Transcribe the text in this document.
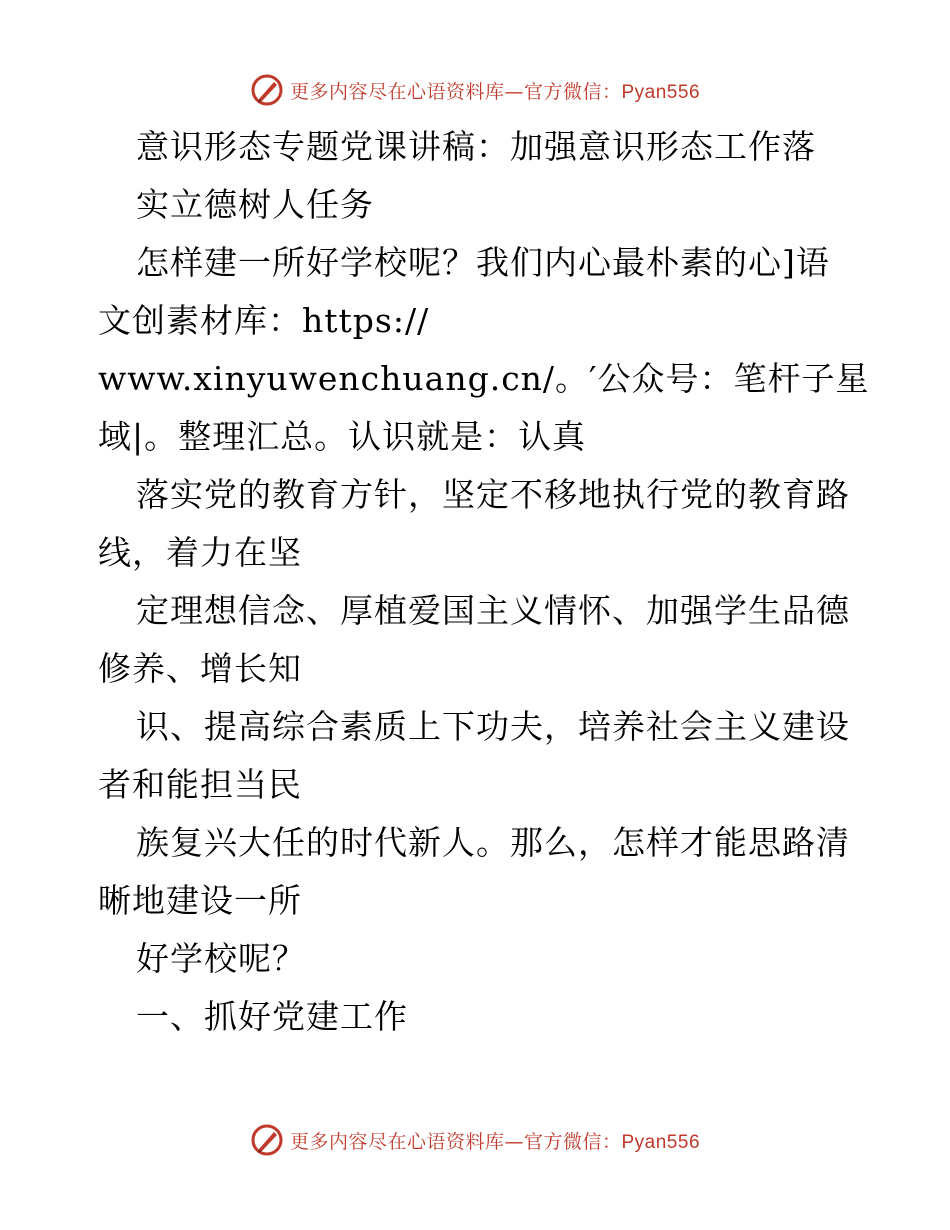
更多内容尽在心语资料库—官方微信：Pyan556
意识形态专题党课讲稿：加强意识形态工作落
实立德树人任务
怎样建一所好学校呢？我们内心最朴素的心]语
文创素材库：https://
www.xinyuwenchuang.cn/。′公众号：笔杆子星
域|。整理汇总。认识就是：认真
落实党的教育方针，坚定不移地执行党的教育路
线，着力在坚
定理想信念、厚植爱国主义情怀、加强学生品德
修养、增长知
识、提高综合素质上下功夫，培养社会主义建设
者和能担当民
族复兴大任的时代新人。那么，怎样才能思路清
晰地建设一所
好学校呢？
一、抓好党建工作
更多内容尽在心语资料库—官方微信：Pyan556
